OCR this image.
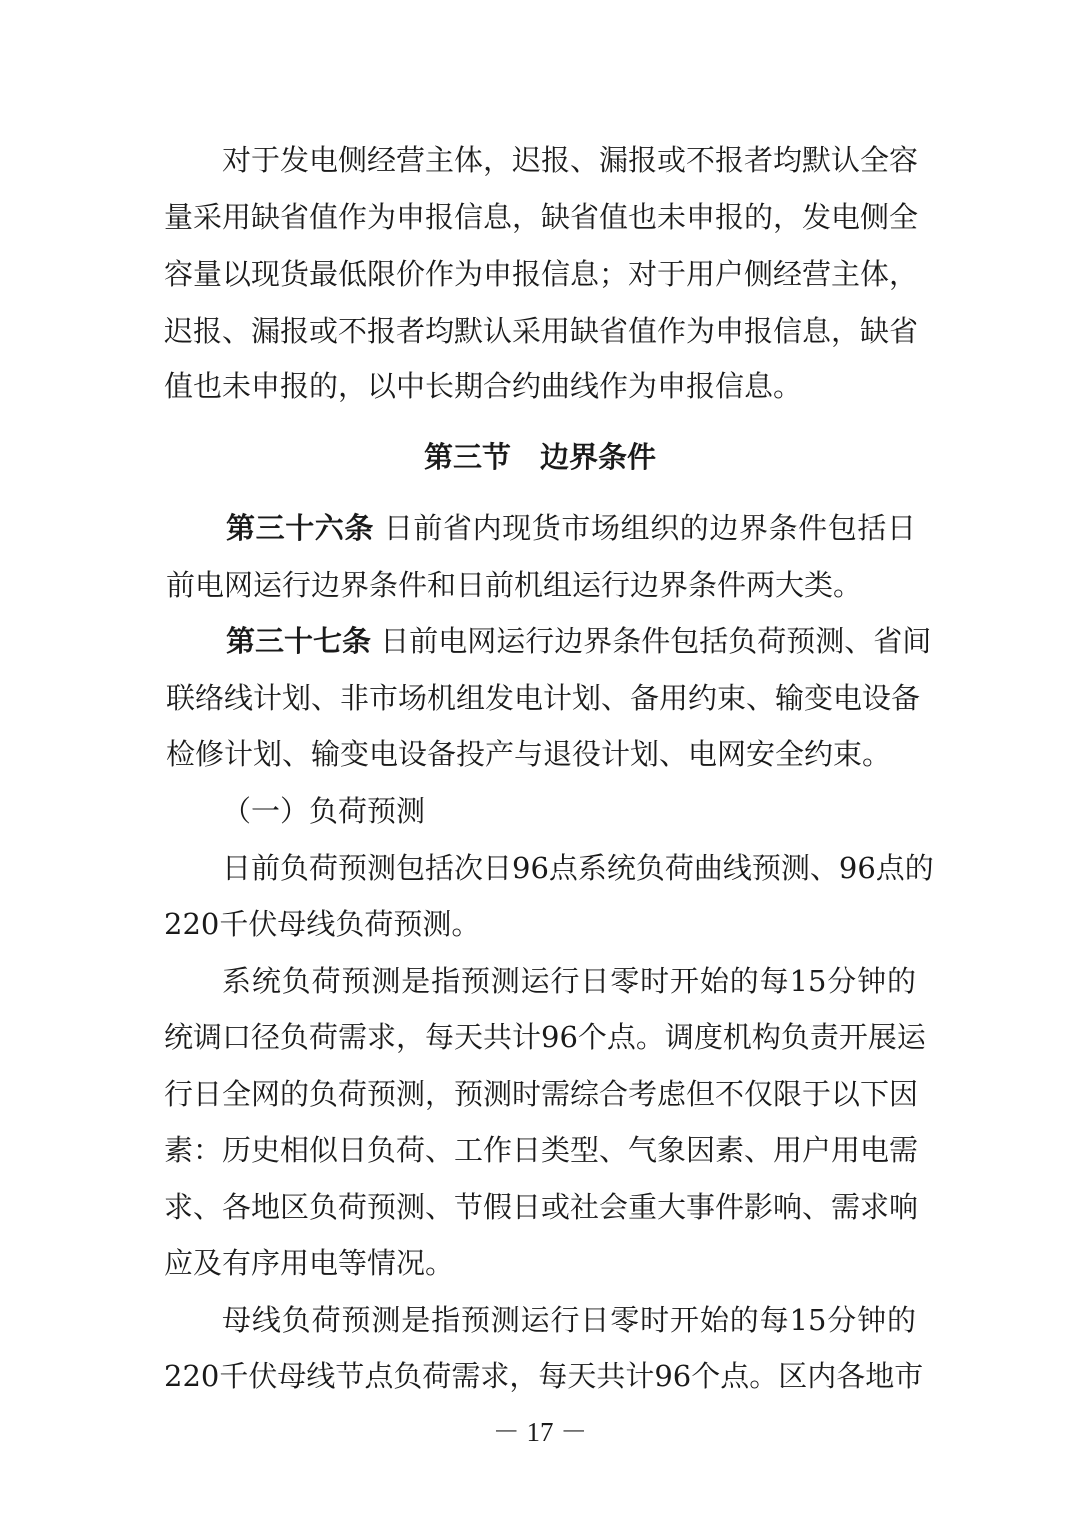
对于发电侧经营主体，迟报、漏报或不报者均默认全容
量采用缺省值作为申报信息，缺省值也未申报的，发电侧全
容量以现货最低限价作为申报信息；对于用户侧经营主体，
迟报、漏报或不报者均默认采用缺省值作为申报信息，缺省
值也未申报的，以中长期合约曲线作为申报信息。
第三节　边界条件
第三十六条 日前省内现货市场组织的边界条件包括日
前电网运行边界条件和日前机组运行边界条件两大类。
第三十七条 日前电网运行边界条件包括负荷预测、省间
联络线计划、非市场机组发电计划、备用约束、输变电设备
检修计划、输变电设备投产与退役计划、电网安全约束。
（一）负荷预测
日前负荷预测包括次日96点系统负荷曲线预测、96点的
220千伏母线负荷预测。
系统负荷预测是指预测运行日零时开始的每15分钟的
统调口径负荷需求，每天共计96个点。调度机构负责开展运
行日全网的负荷预测，预测时需综合考虑但不仅限于以下因
素：历史相似日负荷、工作日类型、气象因素、用户用电需
求、各地区负荷预测、节假日或社会重大事件影响、需求响
应及有序用电等情况。
母线负荷预测是指预测运行日零时开始的每15分钟的
220千伏母线节点负荷需求，每天共计96个点。区内各地市
－ 17 －
